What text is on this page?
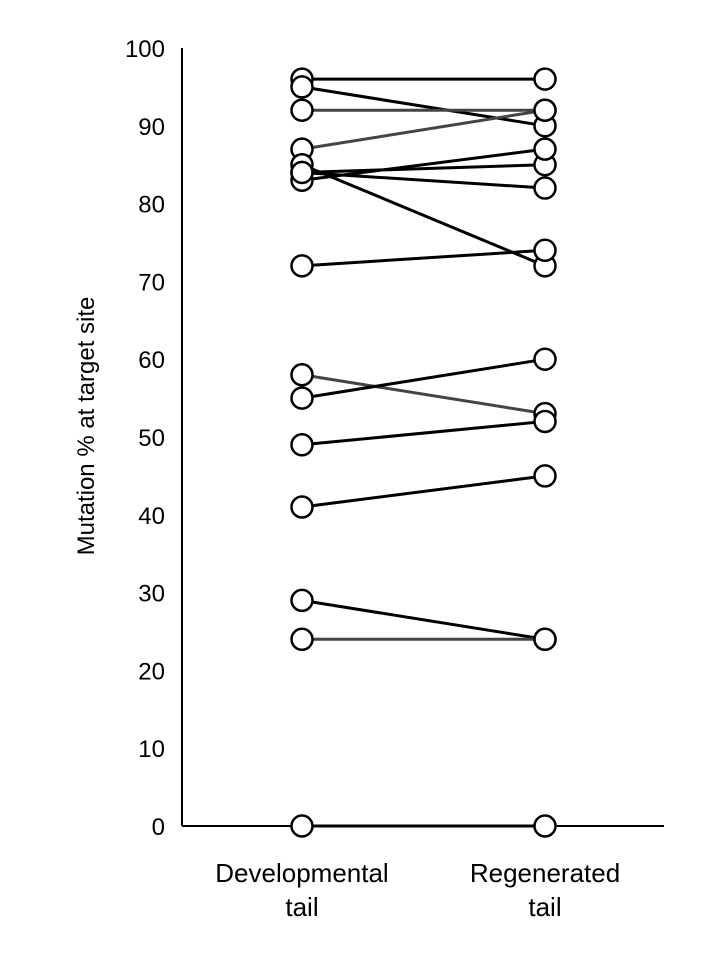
0
10
20
30
40
50
60
70
80
90
100
Mutation % at target site
Developmental
tail
Regenerated
tail
